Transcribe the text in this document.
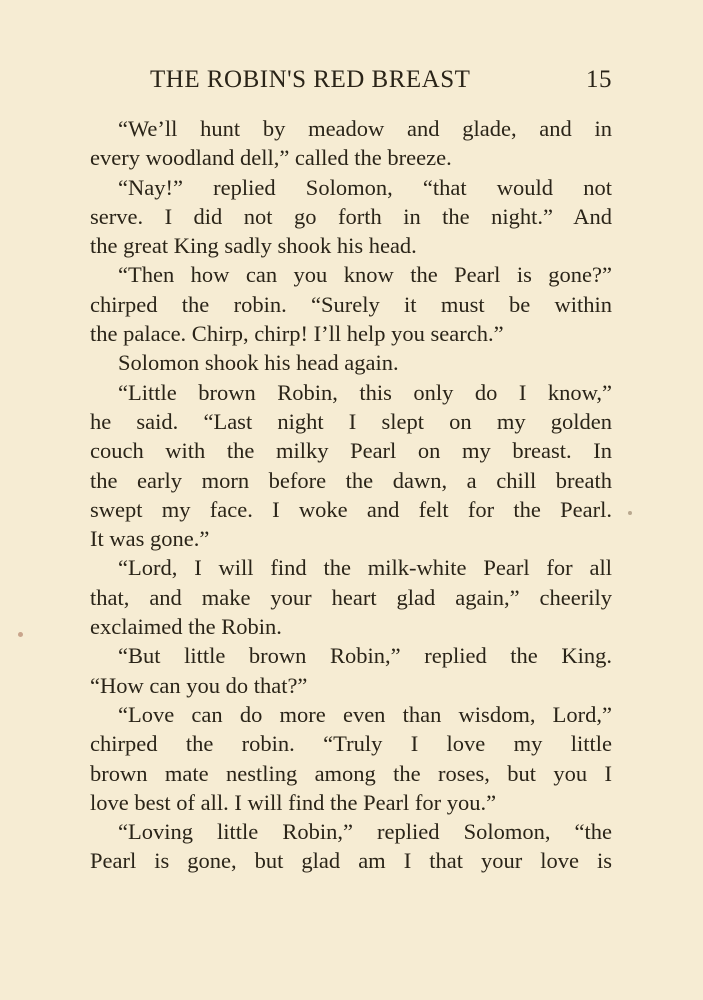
THE ROBIN'S RED BREAST	15
“We’ll hunt by meadow and glade, and in
every woodland dell,” called the breeze.
“Nay!” replied Solomon, “that would not
serve. I did not go forth in the night.” And
the great King sadly shook his head.
“Then how can you know the Pearl is gone?”
chirped the robin. “Surely it must be within
the palace. Chirp, chirp! I’ll help you search.”
Solomon shook his head again.
“Little brown Robin, this only do I know,”
he said. “Last night I slept on my golden
couch with the milky Pearl on my breast. In
the early morn before the dawn, a chill breath
swept my face. I woke and felt for the Pearl.
It was gone.”
“Lord, I will find the milk-white Pearl for all
that, and make your heart glad again,” cheerily
exclaimed the Robin.
“But little brown Robin,” replied the King.
“How can you do that?”
“Love can do more even than wisdom, Lord,”
chirped the robin. “Truly I love my little
brown mate nestling among the roses, but you I
love best of all. I will find the Pearl for you.”
“Loving little Robin,” replied Solomon, “the
Pearl is gone, but glad am I that your love is
